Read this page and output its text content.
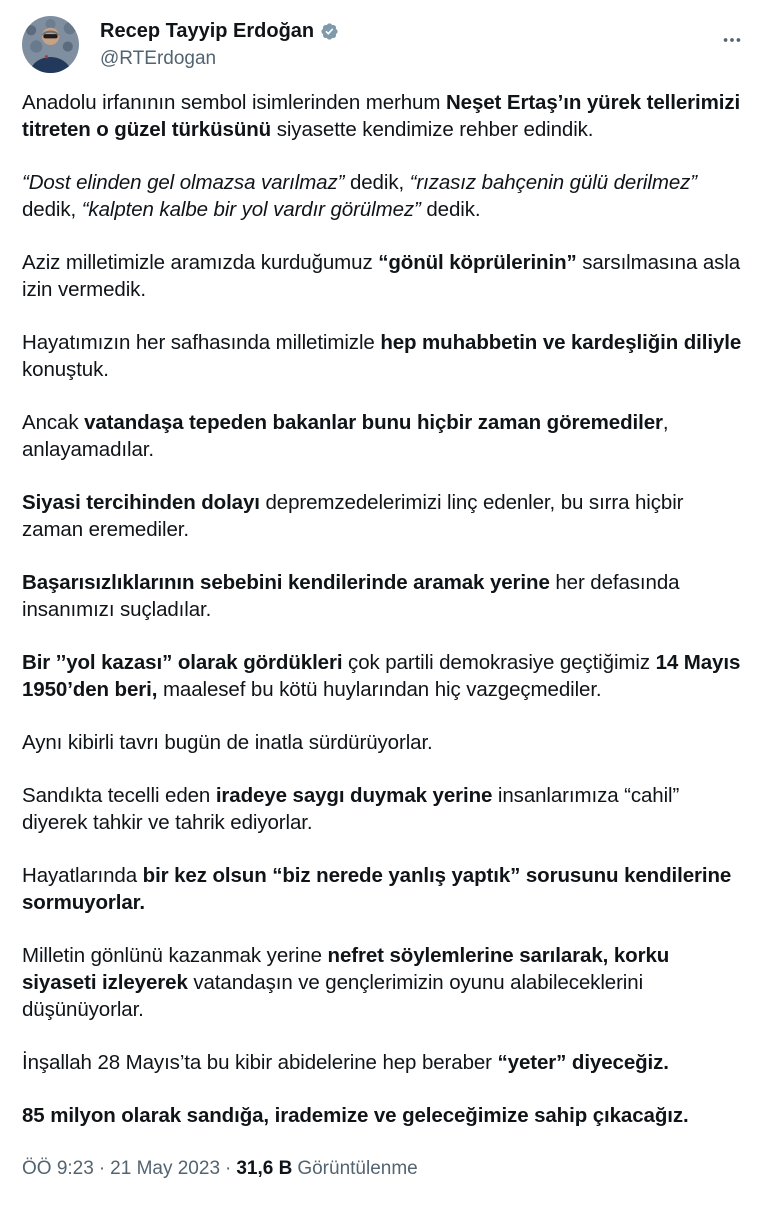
Recep Tayyip Erdoğan
@RTErdogan

Anadolu irfanının sembol isimlerinden merhum Neşet Ertaş’ın yürek tellerimizi titreten o güzel türküsünü siyasette kendimize rehber edindik.

“Dost elinden gel olmazsa varılmaz” dedik, “rızasız bahçenin gülü derilmez” dedik, “kalpten kalbe bir yol vardır görülmez” dedik.

Aziz milletimizle aramızda kurduğumuz “gönül köprülerinin” sarsılmasına asla izin vermedik.

Hayatımızın her safhasında milletimizle hep muhabbetin ve kardeşliğin diliyle konuştuk.

Ancak vatandaşa tepeden bakanlar bunu hiçbir zaman göremediler, anlayamadılar.

Siyasi tercihinden dolayı depremzedelerimizi linç edenler, bu sırra hiçbir zaman eremediler.

Başarısızlıklarının sebebini kendilerinde aramak yerine her defasında insanımızı suçladılar.

Bir ’’yol kazası” olarak gördükleri çok partili demokrasiye geçtiğimiz 14 Mayıs 1950’den beri, maalesef bu kötü huylarından hiç vazgeçmediler.

Aynı kibirli tavrı bugün de inatla sürdürüyorlar.

Sandıkta tecelli eden iradeye saygı duymak yerine insanlarımıza “cahil” diyerek tahkir ve tahrik ediyorlar.

Hayatlarında bir kez olsun “biz nerede yanlış yaptık” sorusunu kendilerine sormuyorlar.

Milletin gönlünü kazanmak yerine nefret söylemlerine sarılarak, korku siyaseti izleyerek vatandaşın ve gençlerimizin oyunu alabileceklerini düşünüyorlar.

İnşallah 28 Mayıs’ta bu kibir abidelerine hep beraber “yeter” diyeceğiz.

85 milyon olarak sandığa, irademize ve geleceğimize sahip çıkacağız.

ÖÖ 9:23 · 21 May 2023 · 31,6 B Görüntülenme
